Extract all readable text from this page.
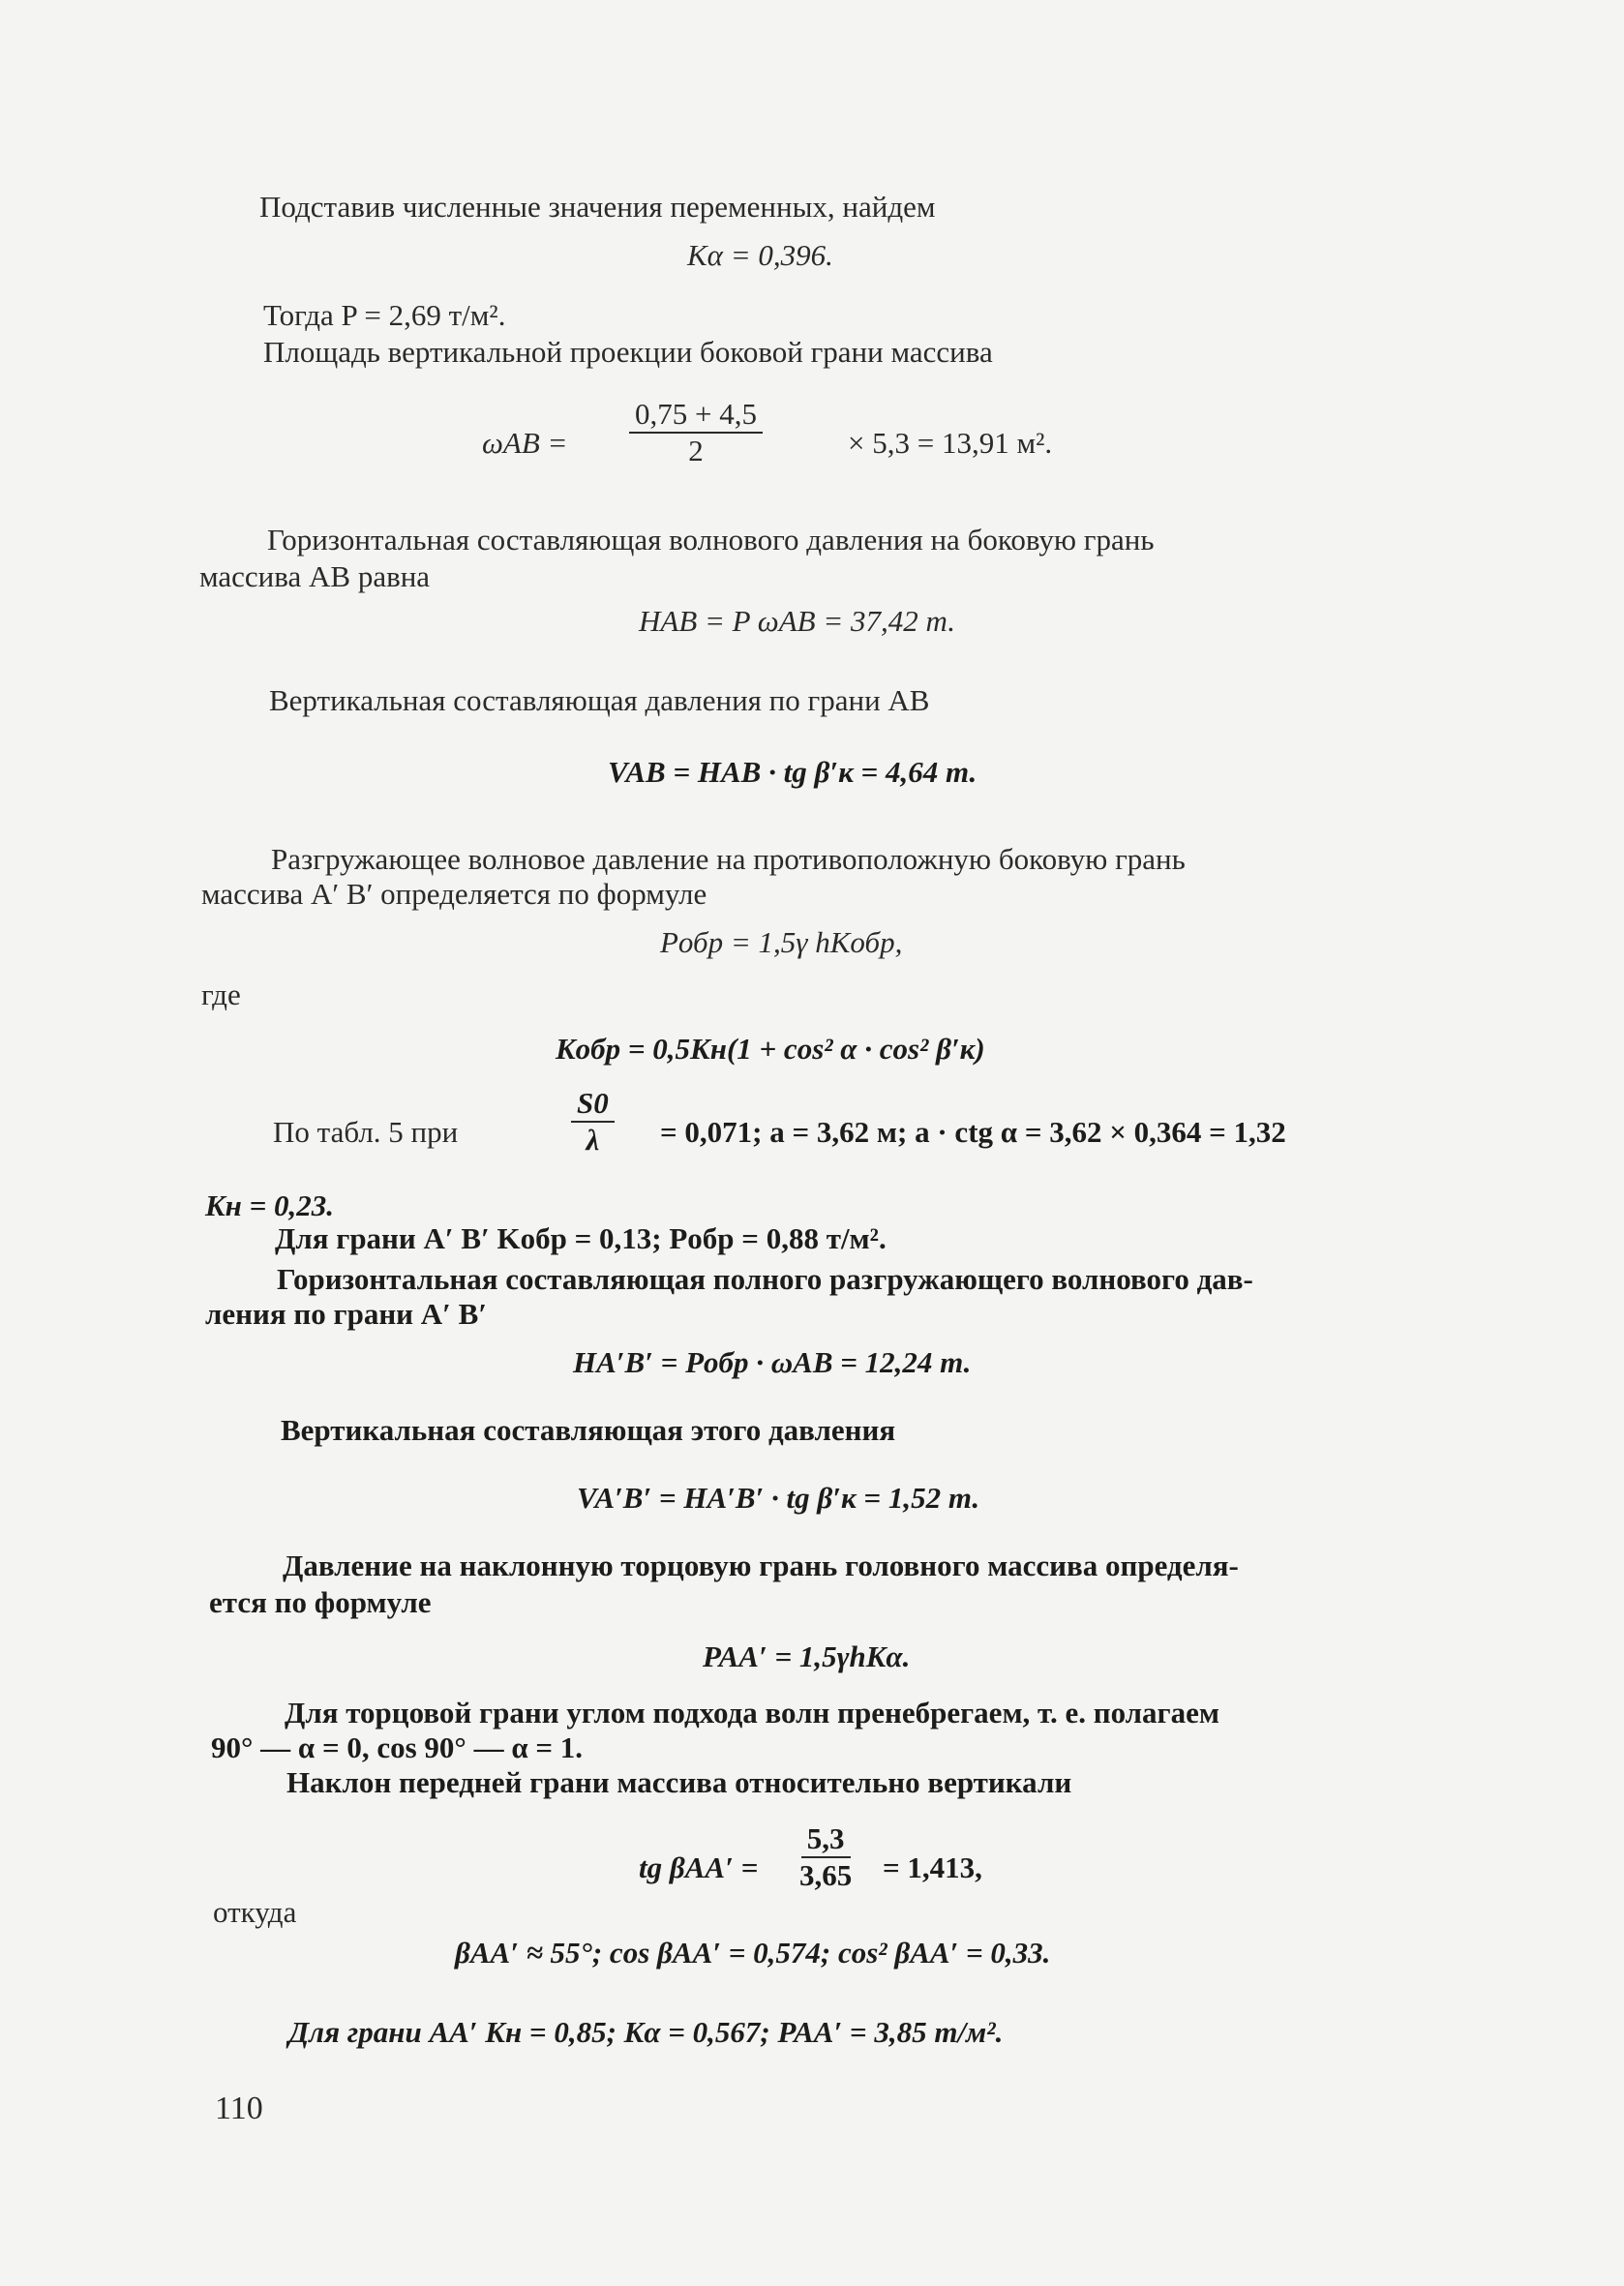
Подставив численные значения переменных, найдем
Kα = 0,396.
Тогда P = 2,69 т/м².
Площадь вертикальной проекции боковой грани массива
$\omega AB = \frac{0,75 + 4,5}{2}$	× 5,3 = 13,91 м².
Горизонтальная составляющая волнового давления на боковую грань
массива АВ равна
HAB = P ωAB = 37,42 т.
Вертикальная составляющая давления по грани АВ
VAB = HAB · tg β′к = 4,64 т.
Разгружающее волновое давление на противоположную боковую грань
массива A′ B′ определяется по формуле
Pобр = 1,5γ hKобр,
где
Kобр = 0,5Kн(1 + cos² α · cos² β′к)
По табл. 5 при	$\frac{S0}{\lambda} = 0,071$; a = 3,62 м; a · ctg α = 3,62 × 0,364 = 1,32
Kн = 0,23.
Для грани A′ B′ Kобр = 0,13; Pобр = 0,88 т/м².
Горизонтальная составляющая полного разгружающего волнового дав-
ления по грани A′ B′
HA′B′ = Pобр · ωAB = 12,24 т.
Вертикальная составляющая этого давления
VA′B′ = HA′B′ · tg β′к = 1,52 т.
Давление на наклонную торцовую грань головного массива определя-
ется по формуле
PAA′ = 1,5γhKα.
Для торцовой грани углом подхода волн пренебрегаем, т. е. полагаем
90° — α = 0, cos 90° — α = 1.
Наклон передней грани массива относительно вертикали
tg $\beta AA' = \frac{5,3}{3,65} = 1,413$,
откуда
βAA′ ≈ 55°; cos βAA′ = 0,574; cos² βAA′ = 0,33.
Для грани AA′ Kн = 0,85; Kα = 0,567; PAA′ = 3,85 т/м².
110
